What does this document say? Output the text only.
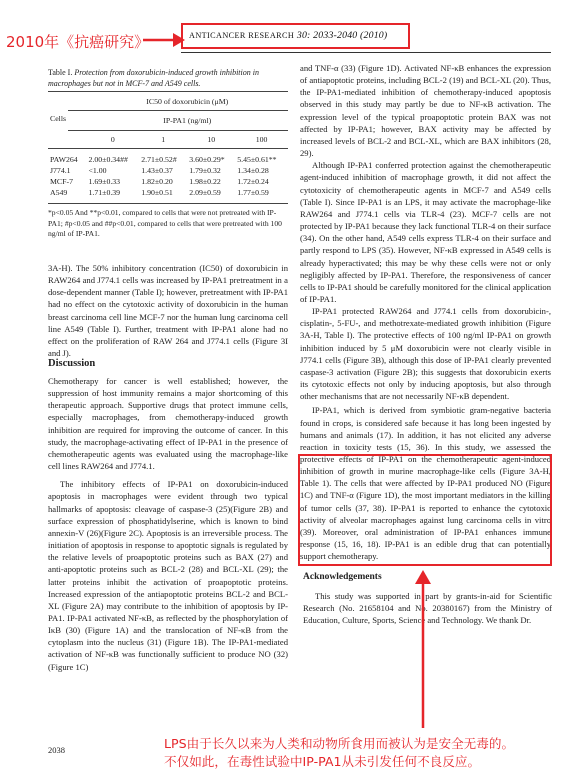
2010年《抗癌研究》	ANTICANCER RESEARCH 30: 2033-2040 (2010)
Table I. Protection from doxorubicin-induced growth inhibition in macrophages but not in MCF-7 and A549 cells.
Cells	IC50 of doxorubicin (μM)			
	IP-PA1 (ng/ml)			
	0	1	10	100

PAW264	2.00±0.34##	2.71±0.52#	3.60±0.29*	5.45±0.61**
J774.1	<1.00	1.43±0.37	1.79±0.32	1.34±0.28
MCF-7	1.69±0.33	1.82±0.20	1.98±0.22	1.72±0.24
A549	1.71±0.39	1.90±0.51	2.09±0.59	1.77±0.59
*p<0.05 And **p<0.01, compared to cells that were not pretreated with IP-PA1; #p<0.05 and ##p<0.01, compared to cells that were pretreated with 100 ng/ml of IP-PA1.

3A-H). The 50% inhibitory concentration (IC50) of doxorubicin in RAW264 and J774.1 cells was increased by IP-PA1 pretreatment in a dose-dependent manner (Table I); however, pretreatment with IP-PA1 had no effect on the cytotoxic activity of doxorubicin in the human breast carcinoma cell line MCF-7 nor the human lung carcinoma cell line A549 (Table I). Further, treatment with IP-PA1 alone had no effect on the proliferation of RAW 264 and J774.1 cells (Figure 3I and J).

Discussion

Chemotherapy for cancer is well established; however, the suppression of host immunity remains a major shortcoming of this therapeutic approach. Supportive drugs that protect immune cells, especially macrophages, from chemotherapy-induced growth inhibition are required for improving the outcome of cancer. In this study, the macrophage-activating effect of IP-PA1 in the presence of chemotherapeutic agents was evaluated using the macrophage-like cell lines RAW264 and J774.1.

The inhibitory effects of IP-PA1 on doxorubicin-induced apoptosis in macrophages were evident through two typical hallmarks of apoptosis: cleavage of caspase-3 (25)(Figure 2B) and surface expression of phosphatidylserine, which is known to bind annexin-V (26)(Figure 2C). Apoptosis is an irreversible process. The initiation of apoptosis in response to apoptotic signals is regulated by the relative levels of proapoptotic proteins such as BAX (27) and anti-apoptotic proteins such as BCL-2 (28) and BCL-XL (29); the latter proteins inhibit the activation of proapoptotic proteins. Increased expression of the antiapoptotic proteins BCL-2 and BCL-XL (Figure 2A) may contribute to the inhibition of apoptosis by IP-PA1. IP-PA1 activated NF-κB, as reflected by the phosphorylation of IκB (30) (Figure 1A) and the translocation of NF-κB from the cytoplasm into the nucleus (31) (Figure 1B). The IP-PA1-mediated activation of NF-κB was functionally sufficient to produce NO (32) (Figure 1C)

2038

and TNF-α (33) (Figure 1D). Activated NF-κB enhances the expression of antiapoptotic proteins, including BCL-2 (19) and BCL-XL (20). Thus, the IP-PA1-mediated inhibition of chemotherapy-induced apoptosis observed in this study may partly be due to NF-κB activation. The expression level of the typical proapoptotic protein BAX was not affected by IP-PA1; however, BAX activity may be affected by increased levels of BCL-2 and BCL-XL, which are BAX inhibitors (28, 29).

Although IP-PA1 conferred protection against the chemotherapeutic agent-induced inhibition of macrophage growth, it did not affect the cytotoxicity of chemotherapeutic agents in MCF-7 and A549 cells (Table I). Since IP-PA1 is an LPS, it may activate the macrophage-like RAW264 and J774.1 cells via TLR-4 (23). MCF-7 cells are not protected by IP-PA1 because they lack functional TLR-4 on their surface (34). On the other hand, A549 cells express TLR-4 on their surface and partly respond to LPS (35). However, NF-κB expressed in A549 cells is already hyperactivated; this may be why these cells were not or only negligibly affected by IP-PA1. Therefore, the responsiveness of cancer cells to IP-PA1 should be carefully monitored for the clinical application of IP-PA1.

IP-PA1 protected RAW264 and J774.1 cells from doxorubicin-, cisplatin-, 5-FU-, and methotrexate-mediated growth inhibition (Figure 3A-H, Table I). The protective effects of 100 ng/ml IP-PA1 on growth inhibition induced by 5 μM doxorubicin were not clearly visible in J774.1 cells (Figure 3B), although this dose of IP-PA1 clearly prevented caspase-3 activation (Figure 2B); this suggests that doxorubicin exerts its cytotoxic effects not only by inducing apoptosis, but also through other mechanisms that are not necessarily NF-κB dependent.

IP-PA1, which is derived from symbiotic gram-negative bacteria found in crops, is considered safe because it has long been ingested by humans and animals (17). In addition, it has not elicited any adverse reaction in toxicity tests (15, 36). In this study, we assessed the protective effects of IP-PA1 on the chemotherapeutic agent-induced inhibition of growth in murine macrophage-like cells (Figure 3A-H, Table 1). The cells that were affected by IP-PA1 produced NO (Figure 1C) and TNF-α (Figure 1D), the most important mediators in the killing of tumor cells (37, 38). IP-PA1 is reported to enhance the cytotoxic activity of alveolar macrophages against lung carcinoma cells in vitro (39). Moreover, oral administration of IP-PA1 enhances immune response (15, 16, 18). IP-PA1 is an edible drug that can potentially support chemotherapy.

Acknowledgements

This study was supported in part by grants-in-aid for Scientific Research (No. 21658104 and No. 20380167) from the Ministry of Education, Culture, Sports, Science and Technology. We thank Dr.

LPS由于长久以来为人类和动物所食用而被认为是安全无毒的。
不仅如此，在毒性试验中IP-PA1从未引发任何不良反应。
